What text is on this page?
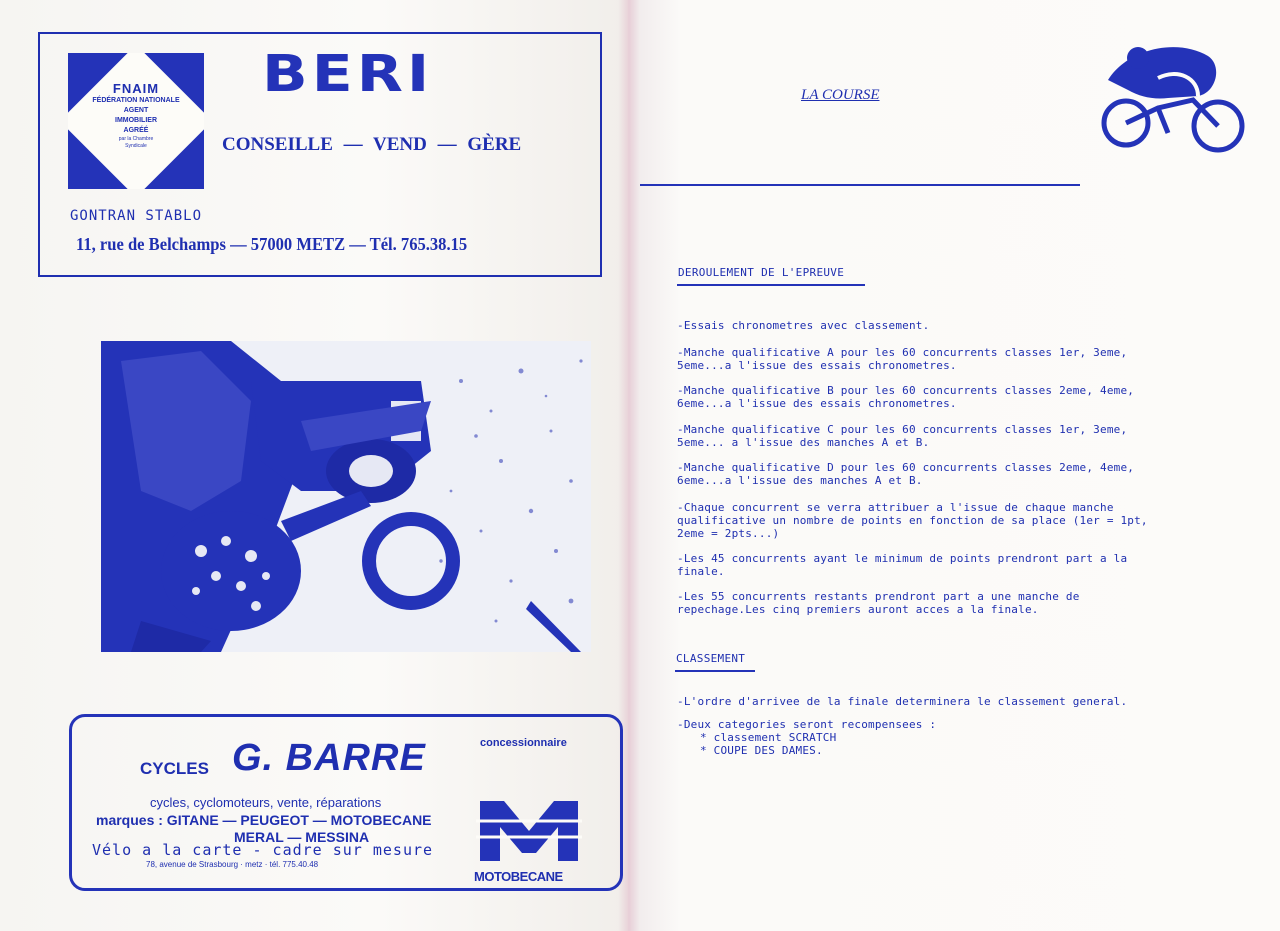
FNAIM
FÉDÉRATION NATIONALE
AGENT
IMMOBILIER
AGRÉÉ
par la Chambre
Syndicale
BERI
CONSEILLE — VEND — GÈRE
GONTRAN STABLO
11, rue de Belchamps — 57000 METZ — Tél. 765.38.15
concessionnaire
CYCLES G. BARRE
cycles, cyclomoteurs, vente, réparations
marques : GITANE — PEUGEOT — MOTOBECANE
MERAL — MESSINA
Vélo a la carte - cadre sur mesure
78, avenue de Strasbourg · metz · tél. 775.40.48
MOTOBECANE
LA COURSE
DEROULEMENT DE L'EPREUVE
-Essais chronometres avec classement.
-Manche qualificative A pour les 60 concurrents classes 1er, 3eme,
5eme...a l'issue des essais chronometres.
-Manche qualificative B pour les 60 concurrents classes 2eme, 4eme,
6eme...a l'issue des essais chronometres.
-Manche qualificative C pour les 60 concurrents classes 1er, 3eme,
5eme... a l'issue des manches A et B.
-Manche qualificative D pour les 60 concurrents classes 2eme, 4eme,
6eme...a l'issue des manches A et B.
-Chaque concurrent se verra attribuer a l'issue de chaque manche
qualificative un nombre de points en fonction de sa place (1er = 1pt,
2eme = 2pts...)
-Les 45 concurrents ayant le minimum de points prendront part a la
finale.
-Les 55 concurrents restants prendront part a une manche de
repechage.Les cinq premiers auront acces a la finale.
CLASSEMENT
-L'ordre d'arrivee de la finale determinera le classement general.
-Deux categories seront recompensees :
* classement SCRATCH
* COUPE DES DAMES.
